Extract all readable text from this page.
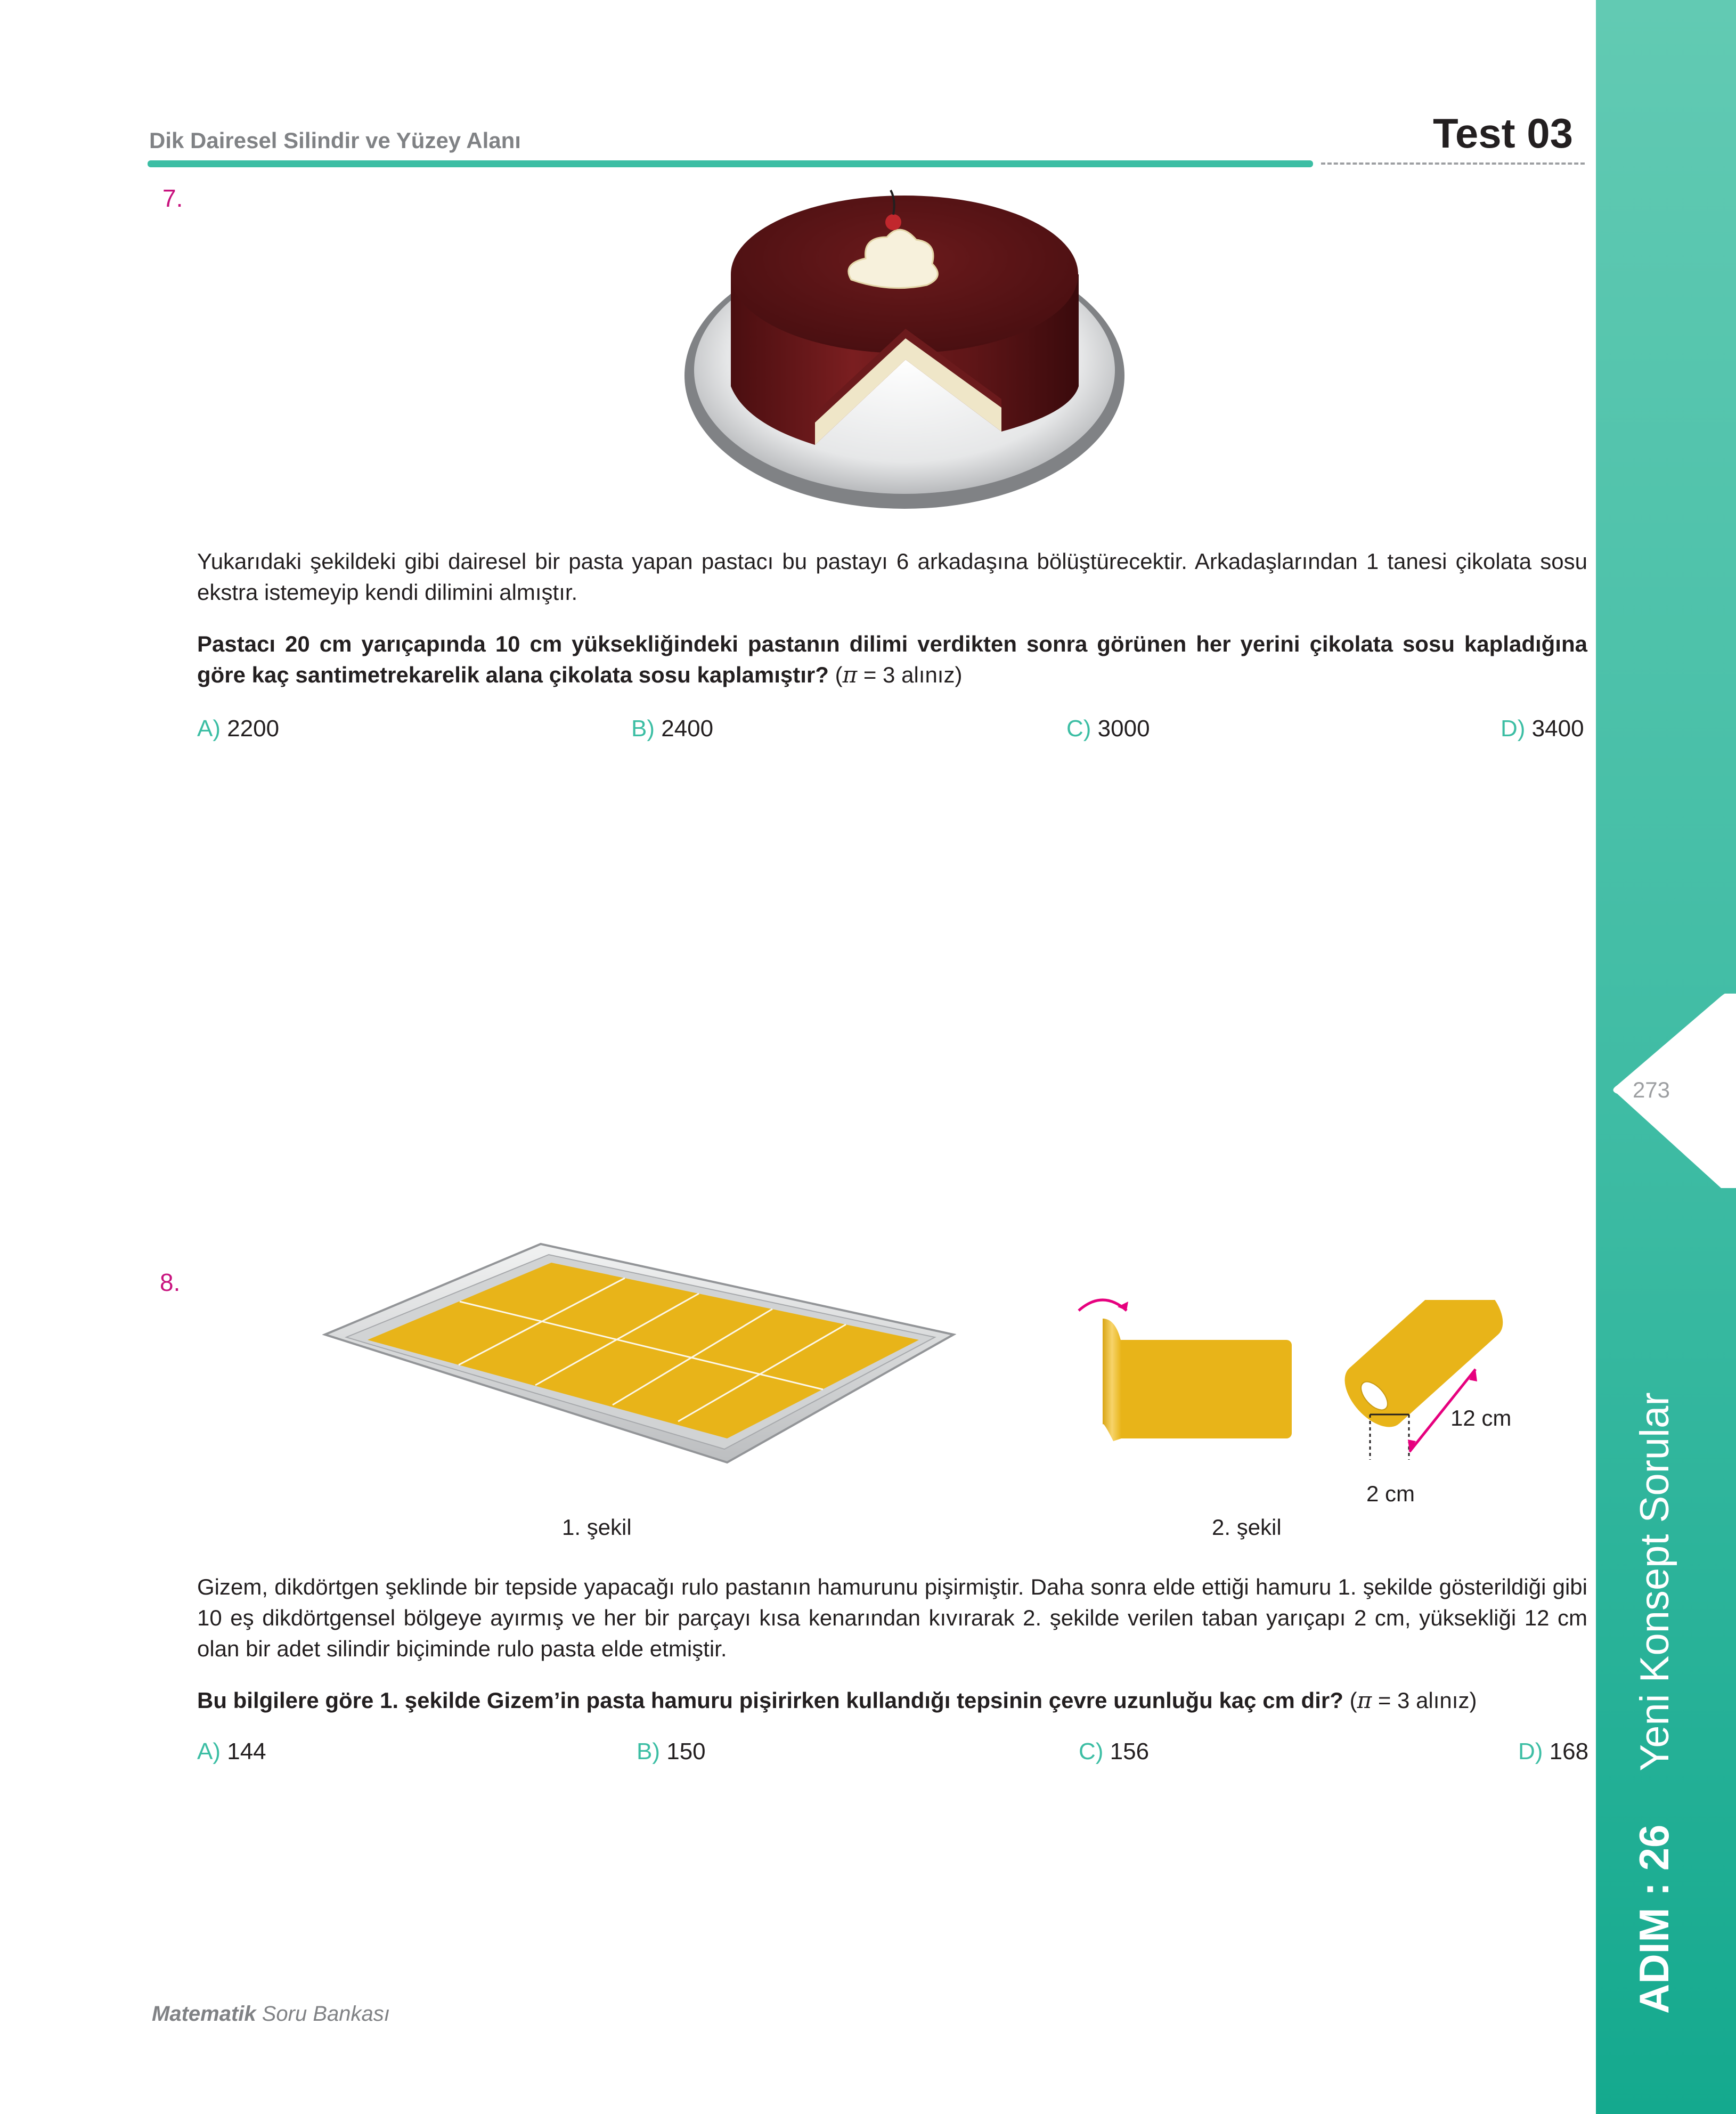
273
ADIM : 26Yeni Konsept Sorular
Dik Dairesel Silindir ve Yüzey Alanı	Test 03
7.
Yukarıdaki şekildeki gibi dairesel bir pasta yapan pastacı bu pastayı 6 arkadaşına bölüştürecektir. Arkadaşlarından 1 tanesi çikolata sosu ekstra istemeyip kendi dilimini almıştır.
Pastacı 20 cm yarıçapında 10 cm yüksekliğindeki pastanın dilimi verdikten sonra görünen her yerini çikolata sosu kapladığına göre kaç santimetrekarelik alana çikolata sosu kaplamıştır? (π = 3 alınız)
A) 2200	B) 2400	C) 3000	D) 3400
8.
12 cm
2 cm
1. şekil	2. şekil
Gizem, dikdörtgen şeklinde bir tepside yapacağı rulo pastanın hamurunu pişirmiştir. Daha sonra elde ettiği hamuru 1. şekilde gösterildiği gibi 10 eş dikdörtgensel bölgeye ayırmış ve her bir parçayı kısa kenarından kıvırarak 2. şekilde verilen taban yarıçapı 2 cm, yüksekliği 12 cm olan bir adet silindir biçiminde rulo pasta elde etmiştir.
Bu bilgilere göre 1. şekilde Gizem’in pasta hamuru pişirirken kullandığı tepsinin çevre uzunluğu kaç cm dir? (π = 3 alınız)
A) 144	B) 150	C) 156	D) 168
Matematik Soru Bankası
